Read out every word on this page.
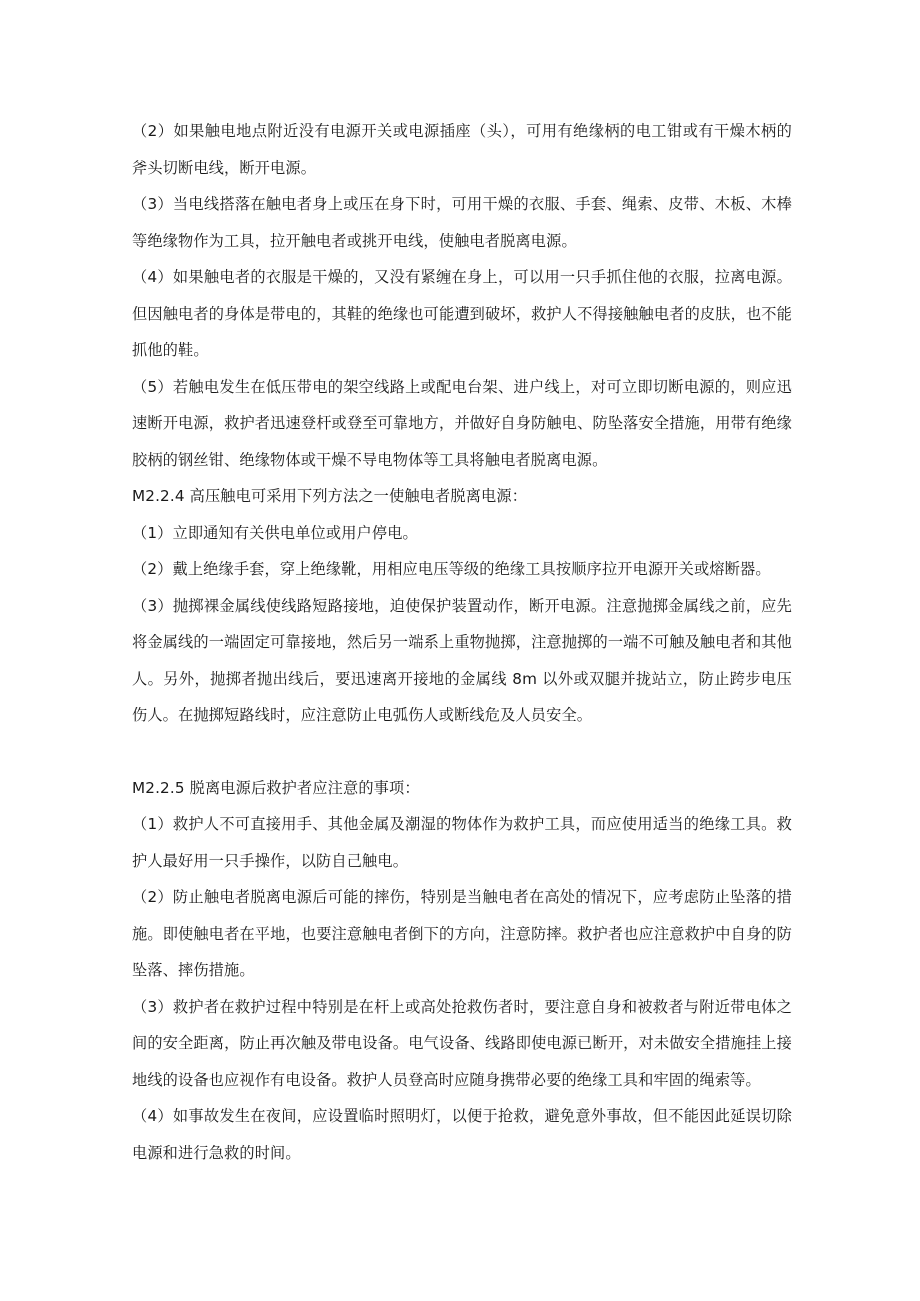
（2）如果触电地点附近没有电源开关或电源插座（头），可用有绝缘柄的电工钳或有干燥木柄的斧头切断电线，断开电源。

（3）当电线搭落在触电者身上或压在身下时，可用干燥的衣服、手套、绳索、皮带、木板、木棒等绝缘物作为工具，拉开触电者或挑开电线，使触电者脱离电源。

（4）如果触电者的衣服是干燥的，又没有紧缠在身上，可以用一只手抓住他的衣服，拉离电源。但因触电者的身体是带电的，其鞋的绝缘也可能遭到破坏，救护人不得接触触电者的皮肤，也不能抓他的鞋。

（5）若触电发生在低压带电的架空线路上或配电台架、进户线上，对可立即切断电源的，则应迅速断开电源，救护者迅速登杆或登至可靠地方，并做好自身防触电、防坠落安全措施，用带有绝缘胶柄的钢丝钳、绝缘物体或干燥不导电物体等工具将触电者脱离电源。

M2.2.4 高压触电可采用下列方法之一使触电者脱离电源：

（1）立即通知有关供电单位或用户停电。

（2）戴上绝缘手套，穿上绝缘靴，用相应电压等级的绝缘工具按顺序拉开电源开关或熔断器。

（3）抛掷裸金属线使线路短路接地，迫使保护装置动作，断开电源。注意抛掷金属线之前，应先将金属线的一端固定可靠接地，然后另一端系上重物抛掷，注意抛掷的一端不可触及触电者和其他人。另外，抛掷者抛出线后，要迅速离开接地的金属线 8m 以外或双腿并拢站立，防止跨步电压伤人。在抛掷短路线时，应注意防止电弧伤人或断线危及人员安全。

M2.2.5 脱离电源后救护者应注意的事项：

（1）救护人不可直接用手、其他金属及潮湿的物体作为救护工具，而应使用适当的绝缘工具。救护人最好用一只手操作，以防自己触电。

（2）防止触电者脱离电源后可能的摔伤，特别是当触电者在高处的情况下，应考虑防止坠落的措施。即使触电者在平地，也要注意触电者倒下的方向，注意防摔。救护者也应注意救护中自身的防坠落、摔伤措施。

（3）救护者在救护过程中特别是在杆上或高处抢救伤者时，要注意自身和被救者与附近带电体之间的安全距离，防止再次触及带电设备。电气设备、线路即使电源已断开，对未做安全措施挂上接地线的设备也应视作有电设备。救护人员登高时应随身携带必要的绝缘工具和牢固的绳索等。

（4）如事故发生在夜间，应设置临时照明灯，以便于抢救，避免意外事故，但不能因此延误切除电源和进行急救的时间。
